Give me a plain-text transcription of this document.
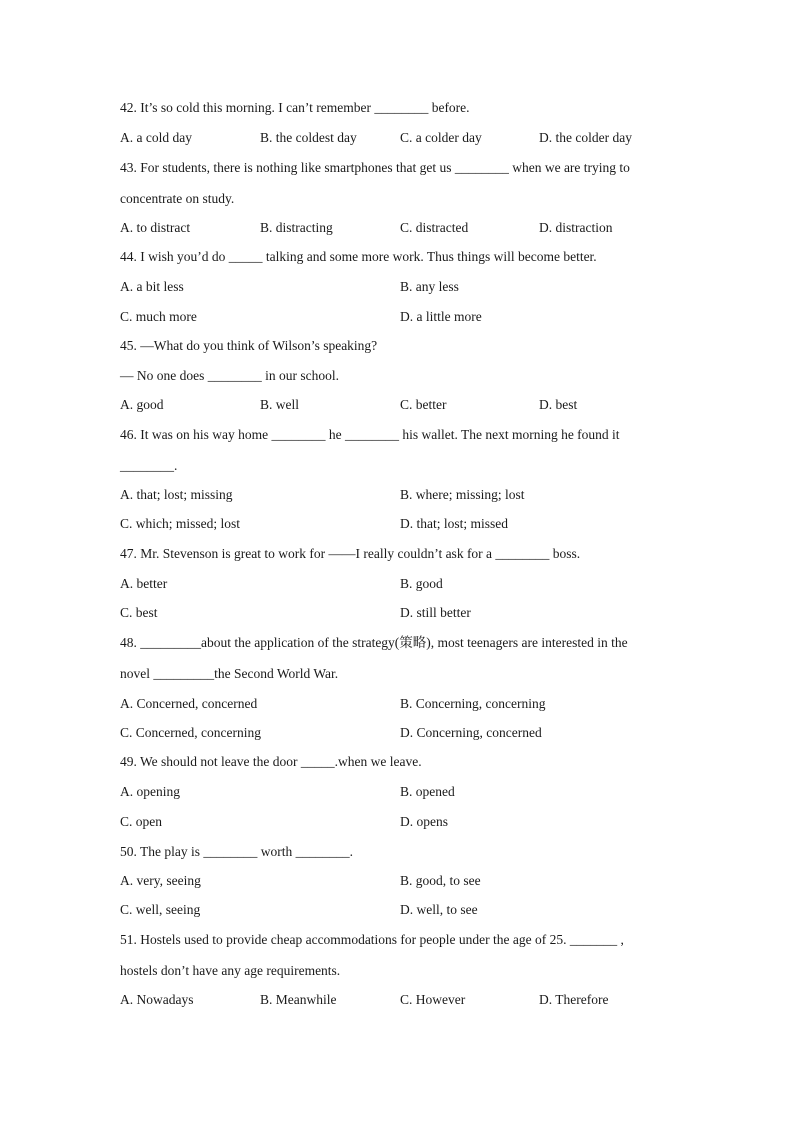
42. It’s so cold this morning. I can’t remember ________ before.
A. a cold day	B. the coldest day	C. a colder day	D. the colder day
43. For students, there is nothing like smartphones that get us ________ when we are trying to
concentrate on study.
A. to distract	B. distracting	C. distracted	D. distraction
44. I wish you’d do _____ talking and some more work. Thus things will become better.
A. a bit less	B. any less
C. much more	D. a little more
45. —What do you think of Wilson’s speaking?
— No one does ________ in our school.
A. good	B. well	C. better	D. best
46. It was on his way home ________ he ________ his wallet. The next morning he found it
________.
A. that; lost; missing	B. where; missing; lost
C. which; missed; lost	D. that; lost; missed
47. Mr. Stevenson is great to work for ——I really couldn’t ask for a ________ boss.
A. better	B. good
C. best	D. still better
48. _________about the application of the strategy(策略), most teenagers are interested in the
novel _________the Second World War.
A. Concerned, concerned	B. Concerning, concerning
C. Concerned, concerning	D. Concerning, concerned
49. We should not leave the door _____.when we leave.
A. opening	B. opened
C. open	D. opens
50. The play is ________ worth ________.
A. very, seeing	B. good, to see
C. well, seeing	D. well, to see
51. Hostels used to provide cheap accommodations for people under the age of 25. _______ ,
hostels don’t have any age requirements.
A. Nowadays	B. Meanwhile	C. However	D. Therefore
